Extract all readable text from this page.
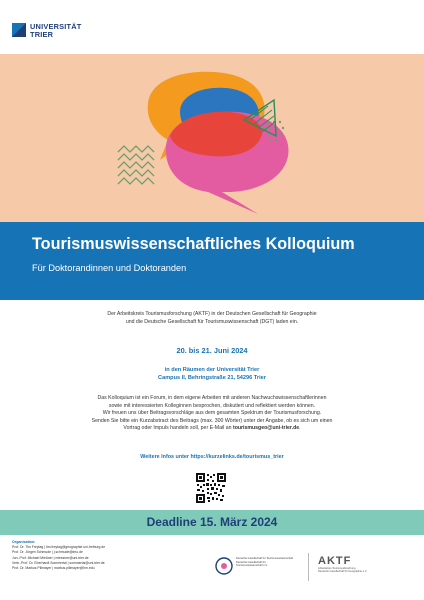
UNIVERSITÄT
TRIER
Tourismuswissenschaftliches Kolloquium
Für Doktorandinnen und Doktoranden
Der Arbeitskreis Tourismusforschung (AKTF) in der Deutschen Gesellschaft für Geographie
und die Deutsche Gesellschaft für Tourismuswissenschaft (DGT) laden ein.
20. bis 21. Juni 2024
in den Räumen der Universität Trier
Campus II, Behringstraße 21, 54296 Trier
Das Kolloquium ist ein Forum, in dem eigene Arbeiten mit anderen Nachwuchswissenschaftlerinnen
sowie mit interessierten Kolleginnen besprochen, diskutiert und reflektiert werden können.
Wir freuen uns über Beitragsvorschläge aus dem gesamten Spektrum der Tourismusforschung.
Senden Sie bitte ein Kurzabstract des Beitrags (max. 300 Wörter) unter der Angabe, ob es sich um einen
Vortrag oder Impuls handeln soll, per E-Mail an tourismusgeo@uni-trier.de.
Weitere Infos unter https://kurzelinks.de/tourismus_trier
Deadline 15. März 2024
Organisation:
Prof. Dr. Tim Freytag | tim.freytag@geographie.uni-freiburg.de
Prof. Dr. Jürgen Schmude | j.schmude@lmu.de
Jun.-Prof. Michael Mießner | miessner@uni-trier.de
Verb.-Prof. Dr. Eberhardt Sommertal | sommertal@uni-trier.de
Prof. Dr. Markus Pillmayer | markus.pillmayer@hm.edu
Deutsche Gesellschaft für Tourismuswissenschaft
Deutsche Gesellschaft für
Tourismuswissenschaft e.V.	AKTF
Arbeitskreis Tourismusforschung
Deutsche Gesellschaft für Geographie e.V.
